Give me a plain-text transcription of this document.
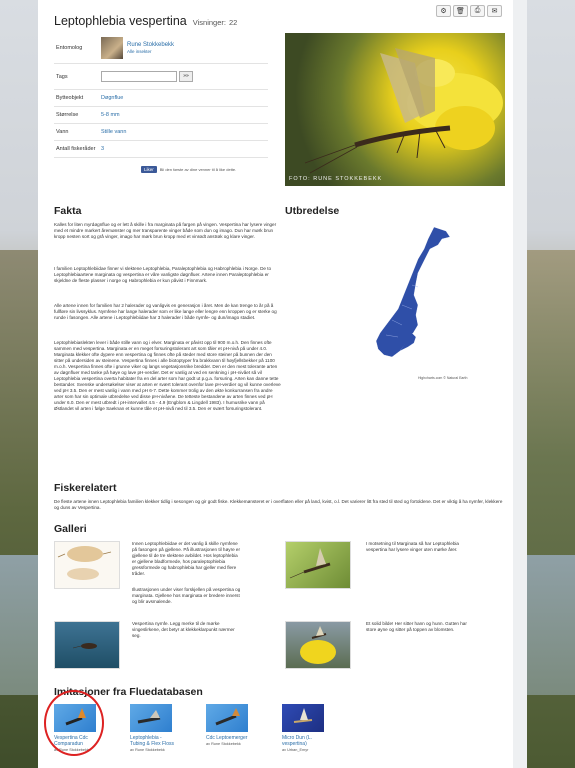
Leptophlebia vespertina Visninger: 22
⚙	🗑	⎙	✉
Entomolog	Rune Stokkebekk
Alle insekter
Tags	»»
Bytteobjekt	Døgnflue
Størrelse	5-8 mm
Vann	Stille vann
Antall fiskeråder	3
Liker	Bli den første av dine venner til å like dette.
FOTO: RUNE STOKKEBEKK
Fakta

Kalles for liten myrdøgnflue og er lett å skille i fra marginata på fargen på vingen. Vespertina har lysere vinger med et mindre markert åremønster og mer transparente vinger både som dun og imago. Dun har mørk brun kropp nesten sort og grå vinger, imago har mørk brun kropp med et vinrødt anstrøk og klare vinger.

I familien Leptophlebiidae finner vi slektene Leptophlebia, Paraleptophlebia og Habrophlebia i Norge. De to Leptophlebiaartene marginata og vespertina er våre vanligste døgnfluer. Artene innen Paraleptophlebia er skjeldne de fleste plasser i norge og Habrophlebia er kun påvist i Finnmark.

Alle artene innen for familien har 2 halerader og vanligvis en generasjon i året. Men de kan trenge to år på å fullføre sin livssyklus. Nymfene har lange halerader som er like lange eller lengre enn kroppen og er sterke og runde i fasongen. Alle artene i Leptophlebiidae har 3 halerader i både nymfe- og dun/imago stadiet.

Leptophlebiaslekten lever i både stille vann og i elver. Marginata er påvist opp til 900 m.o.h. Den finnes ofte sammen med vespertina. Marginata er en meget forsuringstolerant art som tåler et pH-nivå på under 4.0. Marginata klekker ofte dypere enn vespertina og finnes ofte på steder med store steiner på bunnen der den sitter på undersiden av steinene. Vespertina finnes i alle biotoptyper fra brakkvann til høyfjellsbekker på 1100 m.o.h. Vespertina finnes ofte i grunne viker og langs vegetasjonsrike bredder. Den er den mest tolerante arten av døgnfluer med tanke på høye og lave pH-verdier. Det er vanlig at ved en senkning i pH-nivået så vil Leptophlebia vespertina overta habitater fra en del arter som har godt ut p.g.a. forsuring. Arten kan danne tette bestander. Svenske undersøkelser viser at arten er svært tolerant ovenfor lave pH-verdier og vil kunne overleve ved pH 3.5. Den er mest vanlig i vann med pH 6-7. Dette kommer trolig av den økte konkurransen fra andre arter som har sin optimale utbredelse ved disse pH-nivåene. De tetteste bestandene av arten finnes ved pH under 6.0. Den er mest utbredt i pH-intervallet 4.5 - 4.9 (Engblom & Lingdell 1983). I humusrike vann på Østlandet vil arten i følge Saeknan et kunne tåle et pH-nivå ned til 3.5. Den er svært forsuringstolerant.

Utbredelse
Highcharts.com © Natural Earth
Fiskerelatert

De fleste artene innen Leptophlebia familien klekker tidlig i sesongen og gir godt fiske. Klekkemønsteret er i overflaten eller på land, kvist, o.l. Det varierer litt fra sted til sted og fortoldene. Det er viktig å ha nymfer, klekkere og duns av Vespertina.

Galleri

Innen Leptophlebiidae er det vanlig å skille nymfene på fasongen på gjellene. På illustrasjonen til høyre er gjellene til de tre slektene avbildet. Hos leptophlebia er gjellene bladformede, hos paraleptophlebia gressformede og habrophlebia har gjeller med flere tråder.

Illustrasjonen under viser forskjellen på vespertina og marginata. Gjellene hos marginata er bredere innerst og blir avsmalende.

I motsetning til Marginata så har Leptophlebia vespertina har lysere vinger uten mørke årer.

Vespertina nymfe. Legg merke til de mørke vingeslirkene, det betyr at klekkeklarpunkt nærmer seg.

Et solid bilde! Her sitter hann og hunn. Gutten har store øyne og sitter på toppen av blomsten.

Imitasjoner fra Fluedatabasen
Vespertina Cdc Comparadun
av Rune Stokkebekk
Leptophlebia - Tubing & Flex Floss
av Rune Stokkebekk
Cdc Leptoemerger
av Rune Stokkebekk
Micro Dun (L. vespertina)
av Urban_Emyr
